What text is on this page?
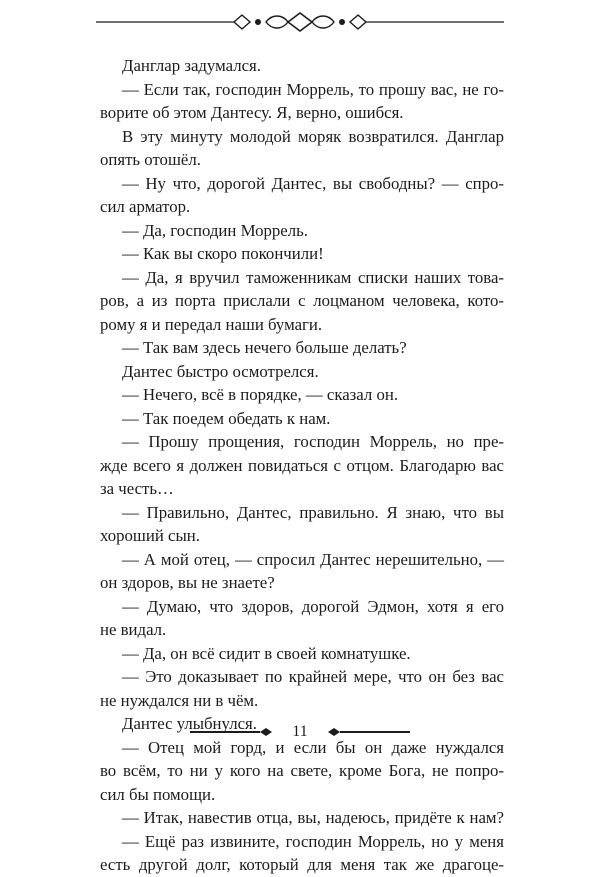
Данглар задумался.
— Если так, господин Моррель, то прошу вас, не го-
ворите об этом Дантесу. Я, верно, ошибся.
В эту минуту молодой моряк возвратился. Данглар
опять отошёл.
— Ну что, дорогой Дантес, вы свободны? — спро-
сил арматор.
— Да, господин Моррель.
— Как вы скоро покончили!
— Да, я вручил таможенникам списки наших това-
ров, а из порта прислали с лоцманом человека, кото-
рому я и передал наши бумаги.
— Так вам здесь нечего больше делать?
Дантес быстро осмотрелся.
— Нечего, всё в порядке, — сказал он.
— Так поедем обедать к нам.
— Прошу прощения, господин Моррель, но пре-
жде всего я должен повидаться с отцом. Благодарю вас
за честь…
— Правильно, Дантес, правильно. Я знаю, что вы
хороший сын.
— А мой отец, — спросил Дантес нерешительно, —
он здоров, вы не знаете?
— Думаю, что здоров, дорогой Эдмон, хотя я его
не видал.
— Да, он всё сидит в своей комнатушке.
— Это доказывает по крайней мере, что он без вас
не нуждался ни в чём.
Дантес улыбнулся.
— Отец мой горд, и если бы он даже нуждался
во всём, то ни у кого на свете, кроме Бога, не попро-
сил бы помощи.
— Итак, навестив отца, вы, надеюсь, придёте к нам?
— Ещё раз извините, господин Моррель, но у меня
есть другой долг, который для меня так же драгоце-
11
